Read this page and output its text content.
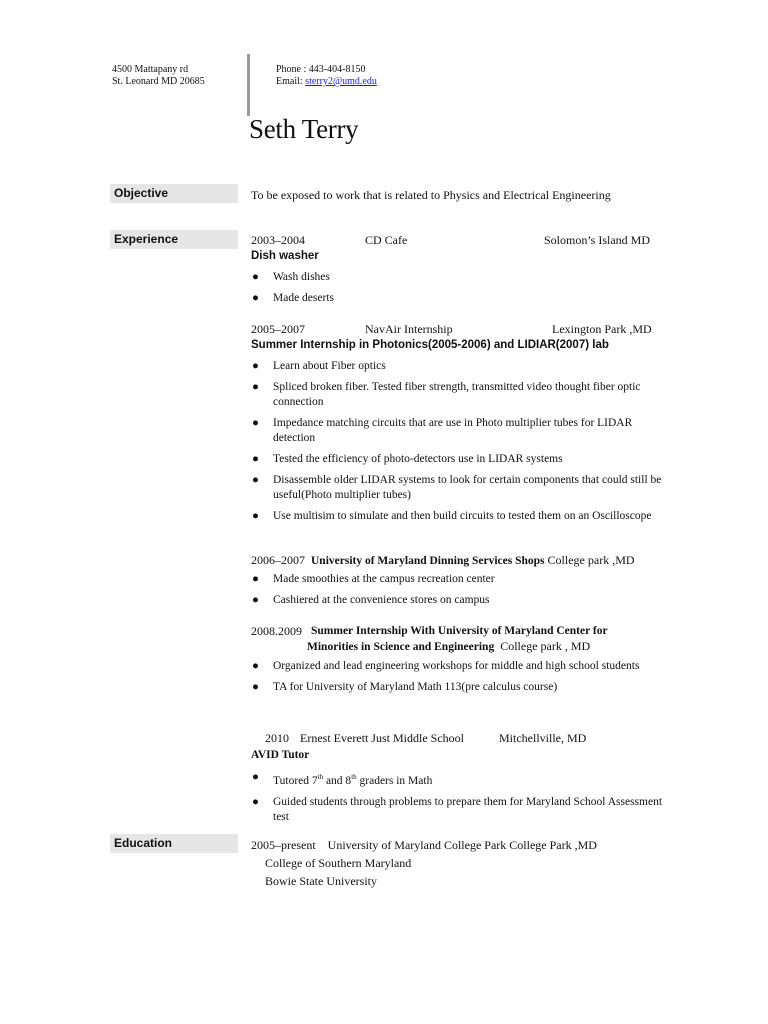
4500 Mattapany rd
St. Leonard MD 20685
Phone : 443-404-8150
Email: sterry2@umd.edu
Seth Terry
Objective	To be exposed to work that is related to Physics and Electrical Engineering
Experience	2003–2004	CD Cafe	Solomon’s Island MD
Dish washer
●	Wash dishes
●	Made deserts
2005–2007	NavAir Internship	Lexington Park ,MD
Summer Internship in Photonics(2005-2006) and LIDIAR(2007) lab
●	Learn about Fiber optics
●	Spliced broken fiber. Tested fiber strength, transmitted video thought fiber optic connection
●	Impedance matching circuits that are use in Photo multiplier tubes for LIDAR detection
●	Tested the efficiency of photo-detectors use in LIDAR systems
●	Disassemble older LIDAR systems to look for certain components that could still be useful(Photo multiplier tubes)
●	Use multisim to simulate and then build circuits to tested them on an Oscilloscope
2006–2007 University of Maryland Dinning Services Shops College park ,MD
●	Made smoothies at the campus recreation center
●	Cashiered at the convenience stores on campus
2008.2009 Summer Internship With University of Maryland Center for
Minorities in Science and Engineering College park , MD
●	Organized and lead engineering workshops for middle and high school students
●	TA for University of Maryland Math 113(pre calculus course)
2010 Ernest Everett Just Middle School	Mitchellville, MD
AVID Tutor
●	Tutored 7th and 8th graders in Math
●	Guided students through problems to prepare them for Maryland School Assessment test
Education	2005–present    University of Maryland College Park College Park ,MD
College of Southern Maryland
Bowie State University
